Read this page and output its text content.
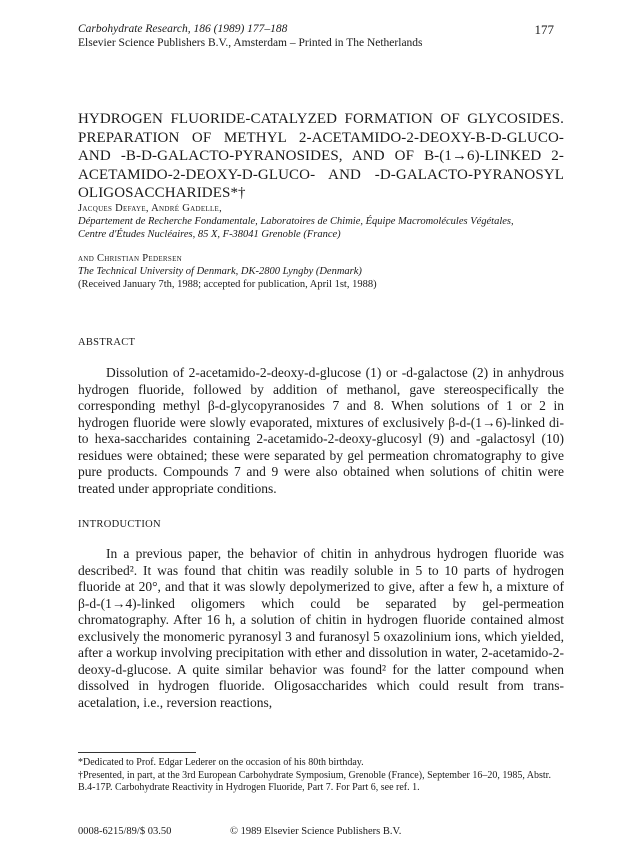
Carbohydrate Research, 186 (1989) 177–188
Elsevier Science Publishers B.V., Amsterdam – Printed in The Netherlands
177
HYDROGEN FLUORIDE-CATALYZED FORMATION OF GLYCOSIDES.
PREPARATION OF METHYL 2-ACETAMIDO-2-DEOXY-Β-D-GLUCO-
AND -Β-D-GALACTO-PYRANOSIDES, AND OF Β-(1→6)-LINKED 2-
ACETAMIDO-2-DEOXY-D-GLUCO- AND -D-GALACTO-PYRANOSYL
OLIGOSACCHARIDES*†
Jacques Defaye, André Gadelle,
Département de Recherche Fondamentale, Laboratoires de Chimie, Équipe Macromolécules Végétales,
Centre d'Études Nucléaires, 85 X, F-38041 Grenoble (France)
and Christian Pedersen
The Technical University of Denmark, DK-2800 Lyngby (Denmark)
(Received January 7th, 1988; accepted for publication, April 1st, 1988)
ABSTRACT

Dissolution of 2-acetamido-2-deoxy-d-glucose (1) or -d-galactose (2) in anhydrous hydrogen fluoride, followed by addition of methanol, gave stereospecifically the corresponding methyl β-d-glycopyranosides 7 and 8. When solutions of 1 or 2 in hydrogen fluoride were slowly evaporated, mixtures of exclusively β-d-(1→6)-linked di- to hexa-saccharides containing 2-acetamido-2-deoxy-glucosyl (9) and -galactosyl (10) residues were obtained; these were separated by gel permeation chromatography to give pure products. Compounds 7 and 9 were also obtained when solutions of chitin were treated under appropriate conditions.

INTRODUCTION

In a previous paper, the behavior of chitin in anhydrous hydrogen fluoride was described². It was found that chitin was readily soluble in 5 to 10 parts of hydrogen fluoride at 20°, and that it was slowly depolymerized to give, after a few h, a mixture of β-d-(1→4)-linked oligomers which could be separated by gel-permeation chromatography. After 16 h, a solution of chitin in hydrogen fluoride contained almost exclusively the monomeric pyranosyl 3 and furanosyl 5 oxazolinium ions, which yielded, after a workup involving precipitation with ether and dissolution in water, 2-acetamido-2-deoxy-d-glucose. A quite similar behavior was found² for the latter compound when dissolved in hydrogen fluoride. Oligosaccharides which could result from trans-acetalation, i.e., reversion reactions,

*Dedicated to Prof. Edgar Lederer on the occasion of his 80th birthday.

†Presented, in part, at the 3rd European Carbohydrate Symposium, Grenoble (France), September 16–20, 1985, Abstr. B.4-17P. Carbohydrate Reactivity in Hydrogen Fluoride, Part 7. For Part 6, see ref. 1.

0008-6215/89/$ 03.50	© 1989 Elsevier Science Publishers B.V.
